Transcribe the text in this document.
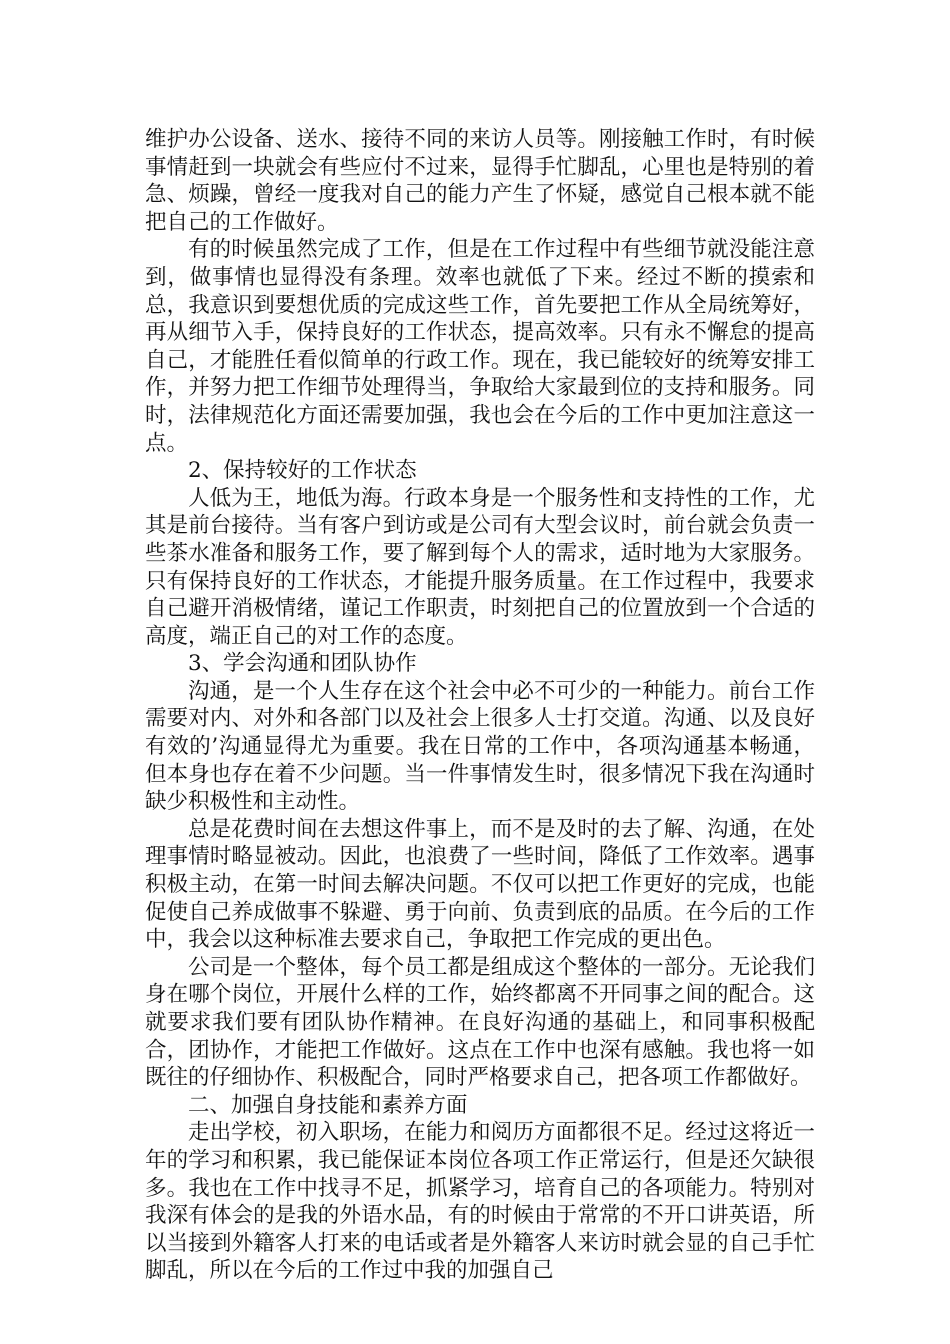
维护办公设备、送水、接待不同的来访人员等。刚接触工作时，有时候事情赶到一块就会有些应付不过来，显得手忙脚乱，心里也是特别的着急、烦躁，曾经一度我对自己的能力产生了怀疑，感觉自己根本就不能把自己的工作做好。

有的时候虽然完成了工作，但是在工作过程中有些细节就没能注意到，做事情也显得没有条理。效率也就低了下来。经过不断的摸索和总，我意识到要想优质的完成这些工作，首先要把工作从全局统筹好，再从细节入手，保持良好的工作状态，提高效率。只有永不懈怠的提高自己，才能胜任看似简单的行政工作。现在，我已能较好的统筹安排工作，并努力把工作细节处理得当，争取给大家最到位的支持和服务。同时，法律规范化方面还需要加强，我也会在今后的工作中更加注意这一点。

2、保持较好的工作状态

人低为王，地低为海。行政本身是一个服务性和支持性的工作，尤其是前台接待。当有客户到访或是公司有大型会议时，前台就会负责一些茶水准备和服务工作，要了解到每个人的需求，适时地为大家服务。只有保持良好的工作状态，才能提升服务质量。在工作过程中，我要求自己避开消极情绪，谨记工作职责，时刻把自己的位置放到一个合适的高度，端正自己的对工作的态度。

3、学会沟通和团队协作

沟通，是一个人生存在这个社会中必不可少的一种能力。前台工作需要对内、对外和各部门以及社会上很多人士打交道。沟通、以及良好有效的’沟通显得尤为重要。我在日常的工作中，各项沟通基本畅通，但本身也存在着不少问题。当一件事情发生时，很多情况下我在沟通时缺少积极性和主动性。

总是花费时间在去想这件事上，而不是及时的去了解、沟通，在处理事情时略显被动。因此，也浪费了一些时间，降低了工作效率。遇事积极主动，在第一时间去解决问题。不仅可以把工作更好的完成，也能促使自己养成做事不躲避、勇于向前、负责到底的品质。在今后的工作中，我会以这种标准去要求自己，争取把工作完成的更出色。

公司是一个整体，每个员工都是组成这个整体的一部分。无论我们身在哪个岗位，开展什么样的工作，始终都离不开同事之间的配合。这就要求我们要有团队协作精神。在良好沟通的基础上，和同事积极配合，团协作，才能把工作做好。这点在工作中也深有感触。我也将一如既往的仔细协作、积极配合，同时严格要求自己，把各项工作都做好。

二、加强自身技能和素养方面

走出学校，初入职场，在能力和阅历方面都很不足。经过这将近一年的学习和积累，我已能保证本岗位各项工作正常运行，但是还欠缺很多。我也在工作中找寻不足，抓紧学习，培育自己的各项能力。特别对我深有体会的是我的外语水品，有的时候由于常常的不开口讲英语，所以当接到外籍客人打来的电话或者是外籍客人来访时就会显的自己手忙脚乱，所以在今后的工作过中我的加强自己
